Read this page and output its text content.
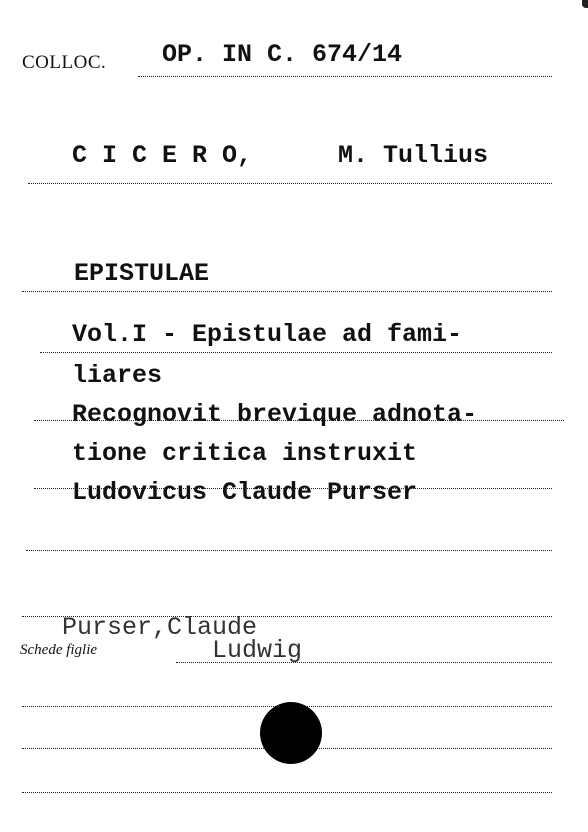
COLLOC. OP. IN C. 674/14
C I C E R O,	M. Tullius
EPISTULAE
Vol.I - Epistulae ad fami-
liares
Recognovit brevique adnota-
tione critica instruxit
Ludovicus Claude Purser
Purser,Claude
Schede figlie	Ludwig
